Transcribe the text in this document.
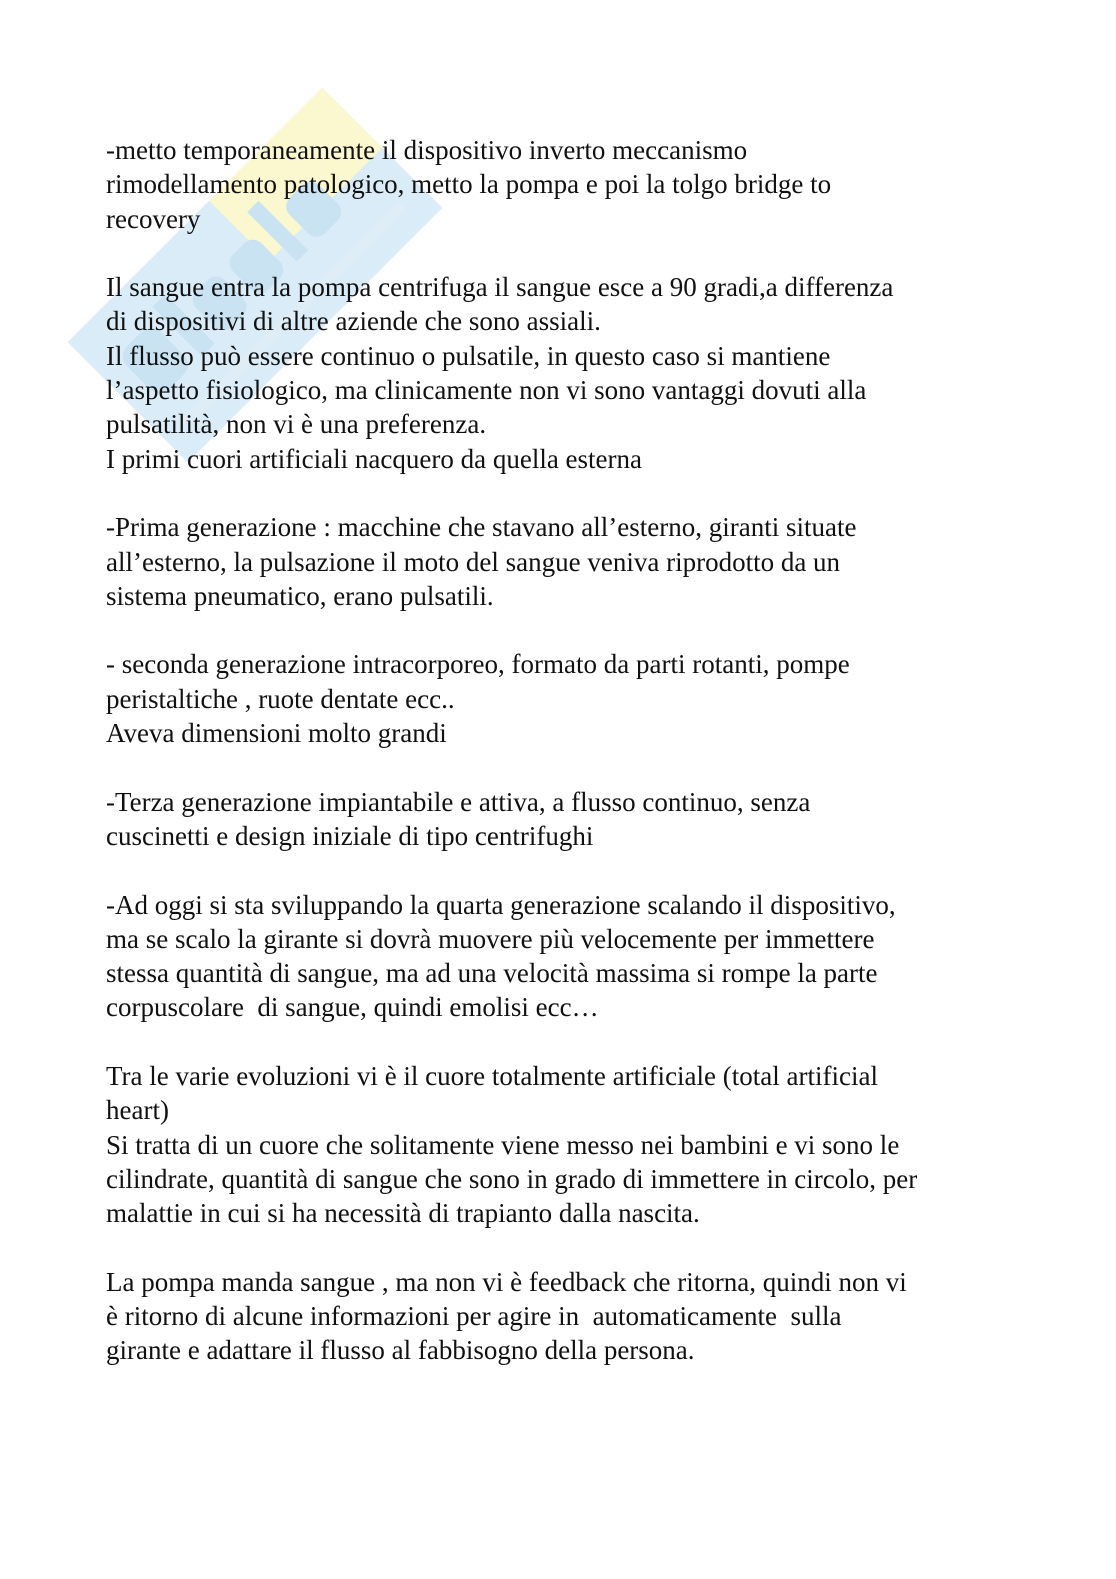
-metto temporaneamente il dispositivo inverto meccanismo
rimodellamento patologico, metto la pompa e poi la tolgo bridge to
recovery
Il sangue entra la pompa centrifuga il sangue esce a 90 gradi,a differenza
di dispositivi di altre aziende che sono assiali.
Il flusso può essere continuo o pulsatile, in questo caso si mantiene
l’aspetto fisiologico, ma clinicamente non vi sono vantaggi dovuti alla
pulsatilità, non vi è una preferenza.
I primi cuori artificiali nacquero da quella esterna
-Prima generazione : macchine che stavano all’esterno, giranti situate
all’esterno, la pulsazione il moto del sangue veniva riprodotto da un
sistema pneumatico, erano pulsatili.
- seconda generazione intracorporeo, formato da parti rotanti, pompe
peristaltiche , ruote dentate ecc..
Aveva dimensioni molto grandi
-Terza generazione impiantabile e attiva, a flusso continuo, senza
cuscinetti e design iniziale di tipo centrifughi
-Ad oggi si sta sviluppando la quarta generazione scalando il dispositivo,
ma se scalo la girante si dovrà muovere più velocemente per immettere
stessa quantità di sangue, ma ad una velocità massima si rompe la parte
corpuscolare  di sangue, quindi emolisi ecc…
Tra le varie evoluzioni vi è il cuore totalmente artificiale (total artificial
heart)
Si tratta di un cuore che solitamente viene messo nei bambini e vi sono le
cilindrate, quantità di sangue che sono in grado di immettere in circolo, per
malattie in cui si ha necessità di trapianto dalla nascita.
La pompa manda sangue , ma non vi è feedback che ritorna, quindi non vi
è ritorno di alcune informazioni per agire in  automaticamente  sulla
girante e adattare il flusso al fabbisogno della persona.
